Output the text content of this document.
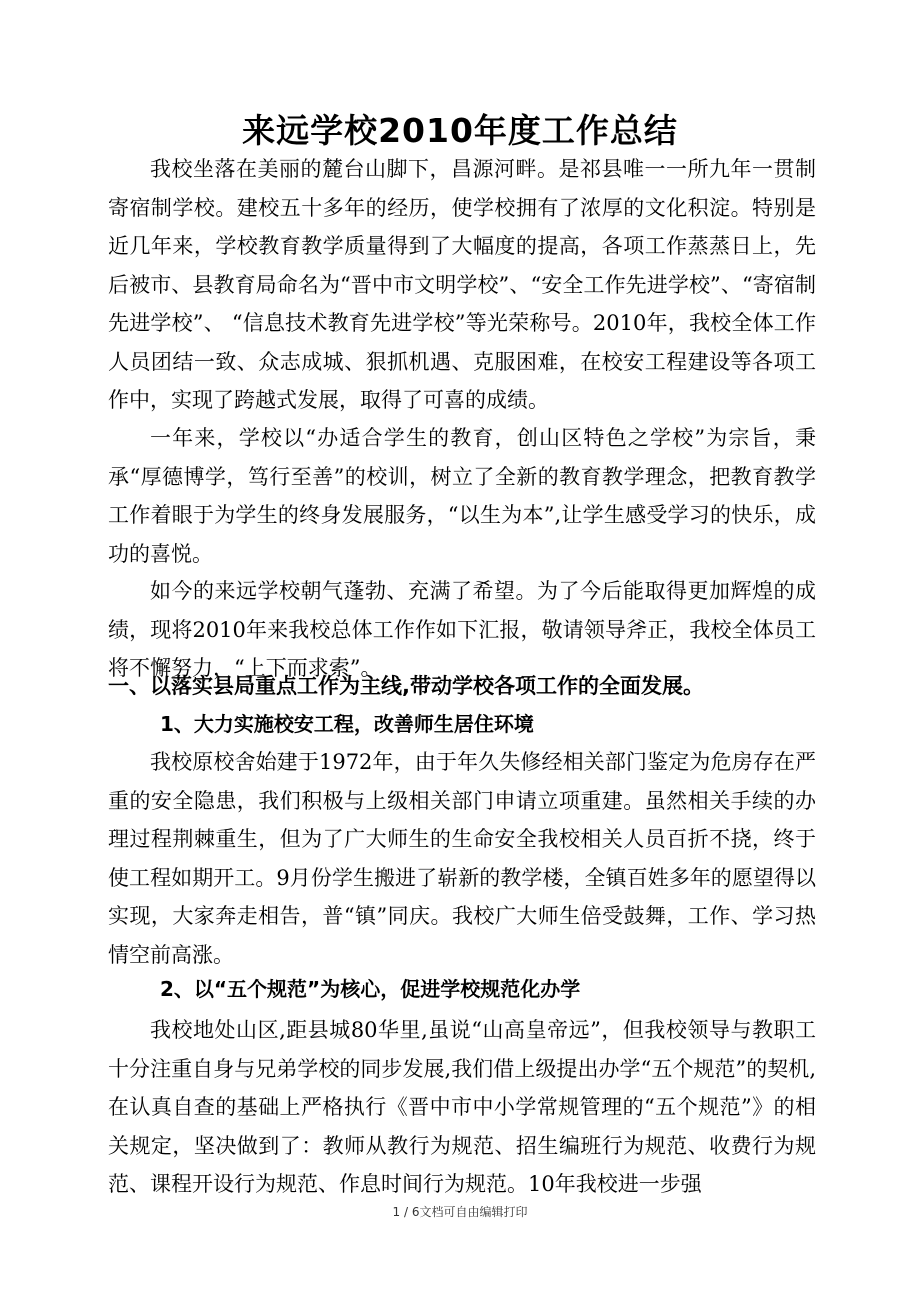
来远学校2010年度工作总结

我校坐落在美丽的麓台山脚下，昌源河畔。是祁县唯一一所九年一贯制寄宿制学校。建校五十多年的经历，使学校拥有了浓厚的文化积淀。特别是近几年来，学校教育教学质量得到了大幅度的提高，各项工作蒸蒸日上，先后被市、县教育局命名为“晋中市文明学校”、“安全工作先进学校”、“寄宿制先进学校”、 “信息技术教育先进学校”等光荣称号。2010年，我校全体工作人员团结一致、众志成城、狠抓机遇、克服困难，在校安工程建设等各项工作中，实现了跨越式发展，取得了可喜的成绩。

一年来，学校以“办适合学生的教育，创山区特色之学校”为宗旨，秉承“厚德博学，笃行至善”的校训，树立了全新的教育教学理念，把教育教学工作着眼于为学生的终身发展服务，“以生为本”,让学生感受学习的快乐，成功的喜悦。

如今的来远学校朝气蓬勃、充满了希望。为了今后能取得更加辉煌的成绩，现将2010年来我校总体工作作如下汇报，敬请领导斧正，我校全体员工将不懈努力，“上下而求索”。

一、以落实县局重点工作为主线,带动学校各项工作的全面发展。
1、大力实施校安工程，改善师生居住环境

我校原校舍始建于1972年，由于年久失修经相关部门鉴定为危房存在严重的安全隐患，我们积极与上级相关部门申请立项重建。虽然相关手续的办理过程荆棘重生，但为了广大师生的生命安全我校相关人员百折不挠，终于使工程如期开工。9月份学生搬进了崭新的教学楼，全镇百姓多年的愿望得以实现，大家奔走相告，普“镇”同庆。我校广大师生倍受鼓舞，工作、学习热情空前高涨。

2、以“五个规范”为核心，促进学校规范化办学

我校地处山区,距县城80华里,虽说“山高皇帝远”，但我校领导与教职工十分注重自身与兄弟学校的同步发展,我们借上级提出办学“五个规范”的契机, 在认真自查的基础上严格执行《晋中市中小学常规管理的“五个规范”》的相关规定，坚决做到了：教师从教行为规范、招生编班行为规范、收费行为规范、课程开设行为规范、作息时间行为规范。10年我校进一步强

1 / 6文档可自由编辑打印
